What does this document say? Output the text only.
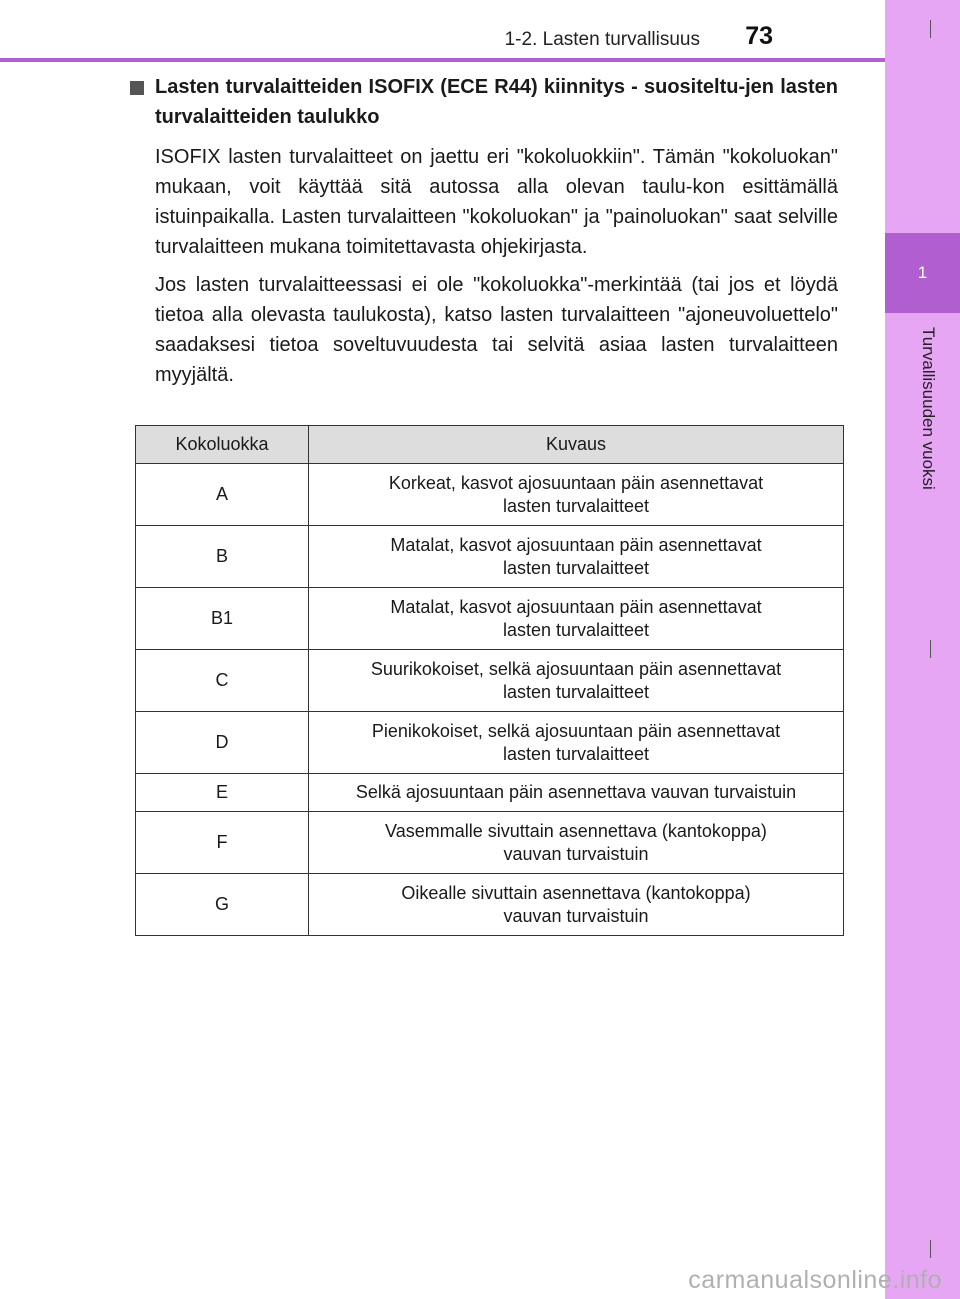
1-2. Lasten turvallisuus 73
1
Turvallisuuden vuoksi
Lasten turvalaitteiden ISOFIX (ECE R44) kiinnitys - suositeltu-jen lasten turvalaitteiden taulukko

ISOFIX lasten turvalaitteet on jaettu eri "kokoluokkiin". Tämän "kokoluokan" mukaan, voit käyttää sitä autossa alla olevan taulu-kon esittämällä istuinpaikalla. Lasten turvalaitteen "kokoluokan" ja "painoluokan" saat selville turvalaitteen mukana toimitettavasta ohjekirjasta.

Jos lasten turvalaitteessasi ei ole "kokoluokka"-merkintää (tai jos et löydä tietoa alla olevasta taulukosta), katso lasten turvalaitteen "ajoneuvoluettelo" saadaksesi tietoa soveltuvuudesta tai selvitä asiaa lasten turvalaitteen myyjältä.

Kokoluokka	Kuvaus
A	Korkeat, kasvot ajosuuntaan päin asennettavat
lasten turvalaitteet
B	Matalat, kasvot ajosuuntaan päin asennettavat
lasten turvalaitteet
B1	Matalat, kasvot ajosuuntaan päin asennettavat
lasten turvalaitteet
C	Suurikokoiset, selkä ajosuuntaan päin asennettavat
lasten turvalaitteet
D	Pienikokoiset, selkä ajosuuntaan päin asennettavat
lasten turvalaitteet
E	Selkä ajosuuntaan päin asennettava vauvan turvaistuin
F	Vasemmalle sivuttain asennettava (kantokoppa)
vauvan turvaistuin
G	Oikealle sivuttain asennettava (kantokoppa)
vauvan turvaistuin
carmanualsonline.info
